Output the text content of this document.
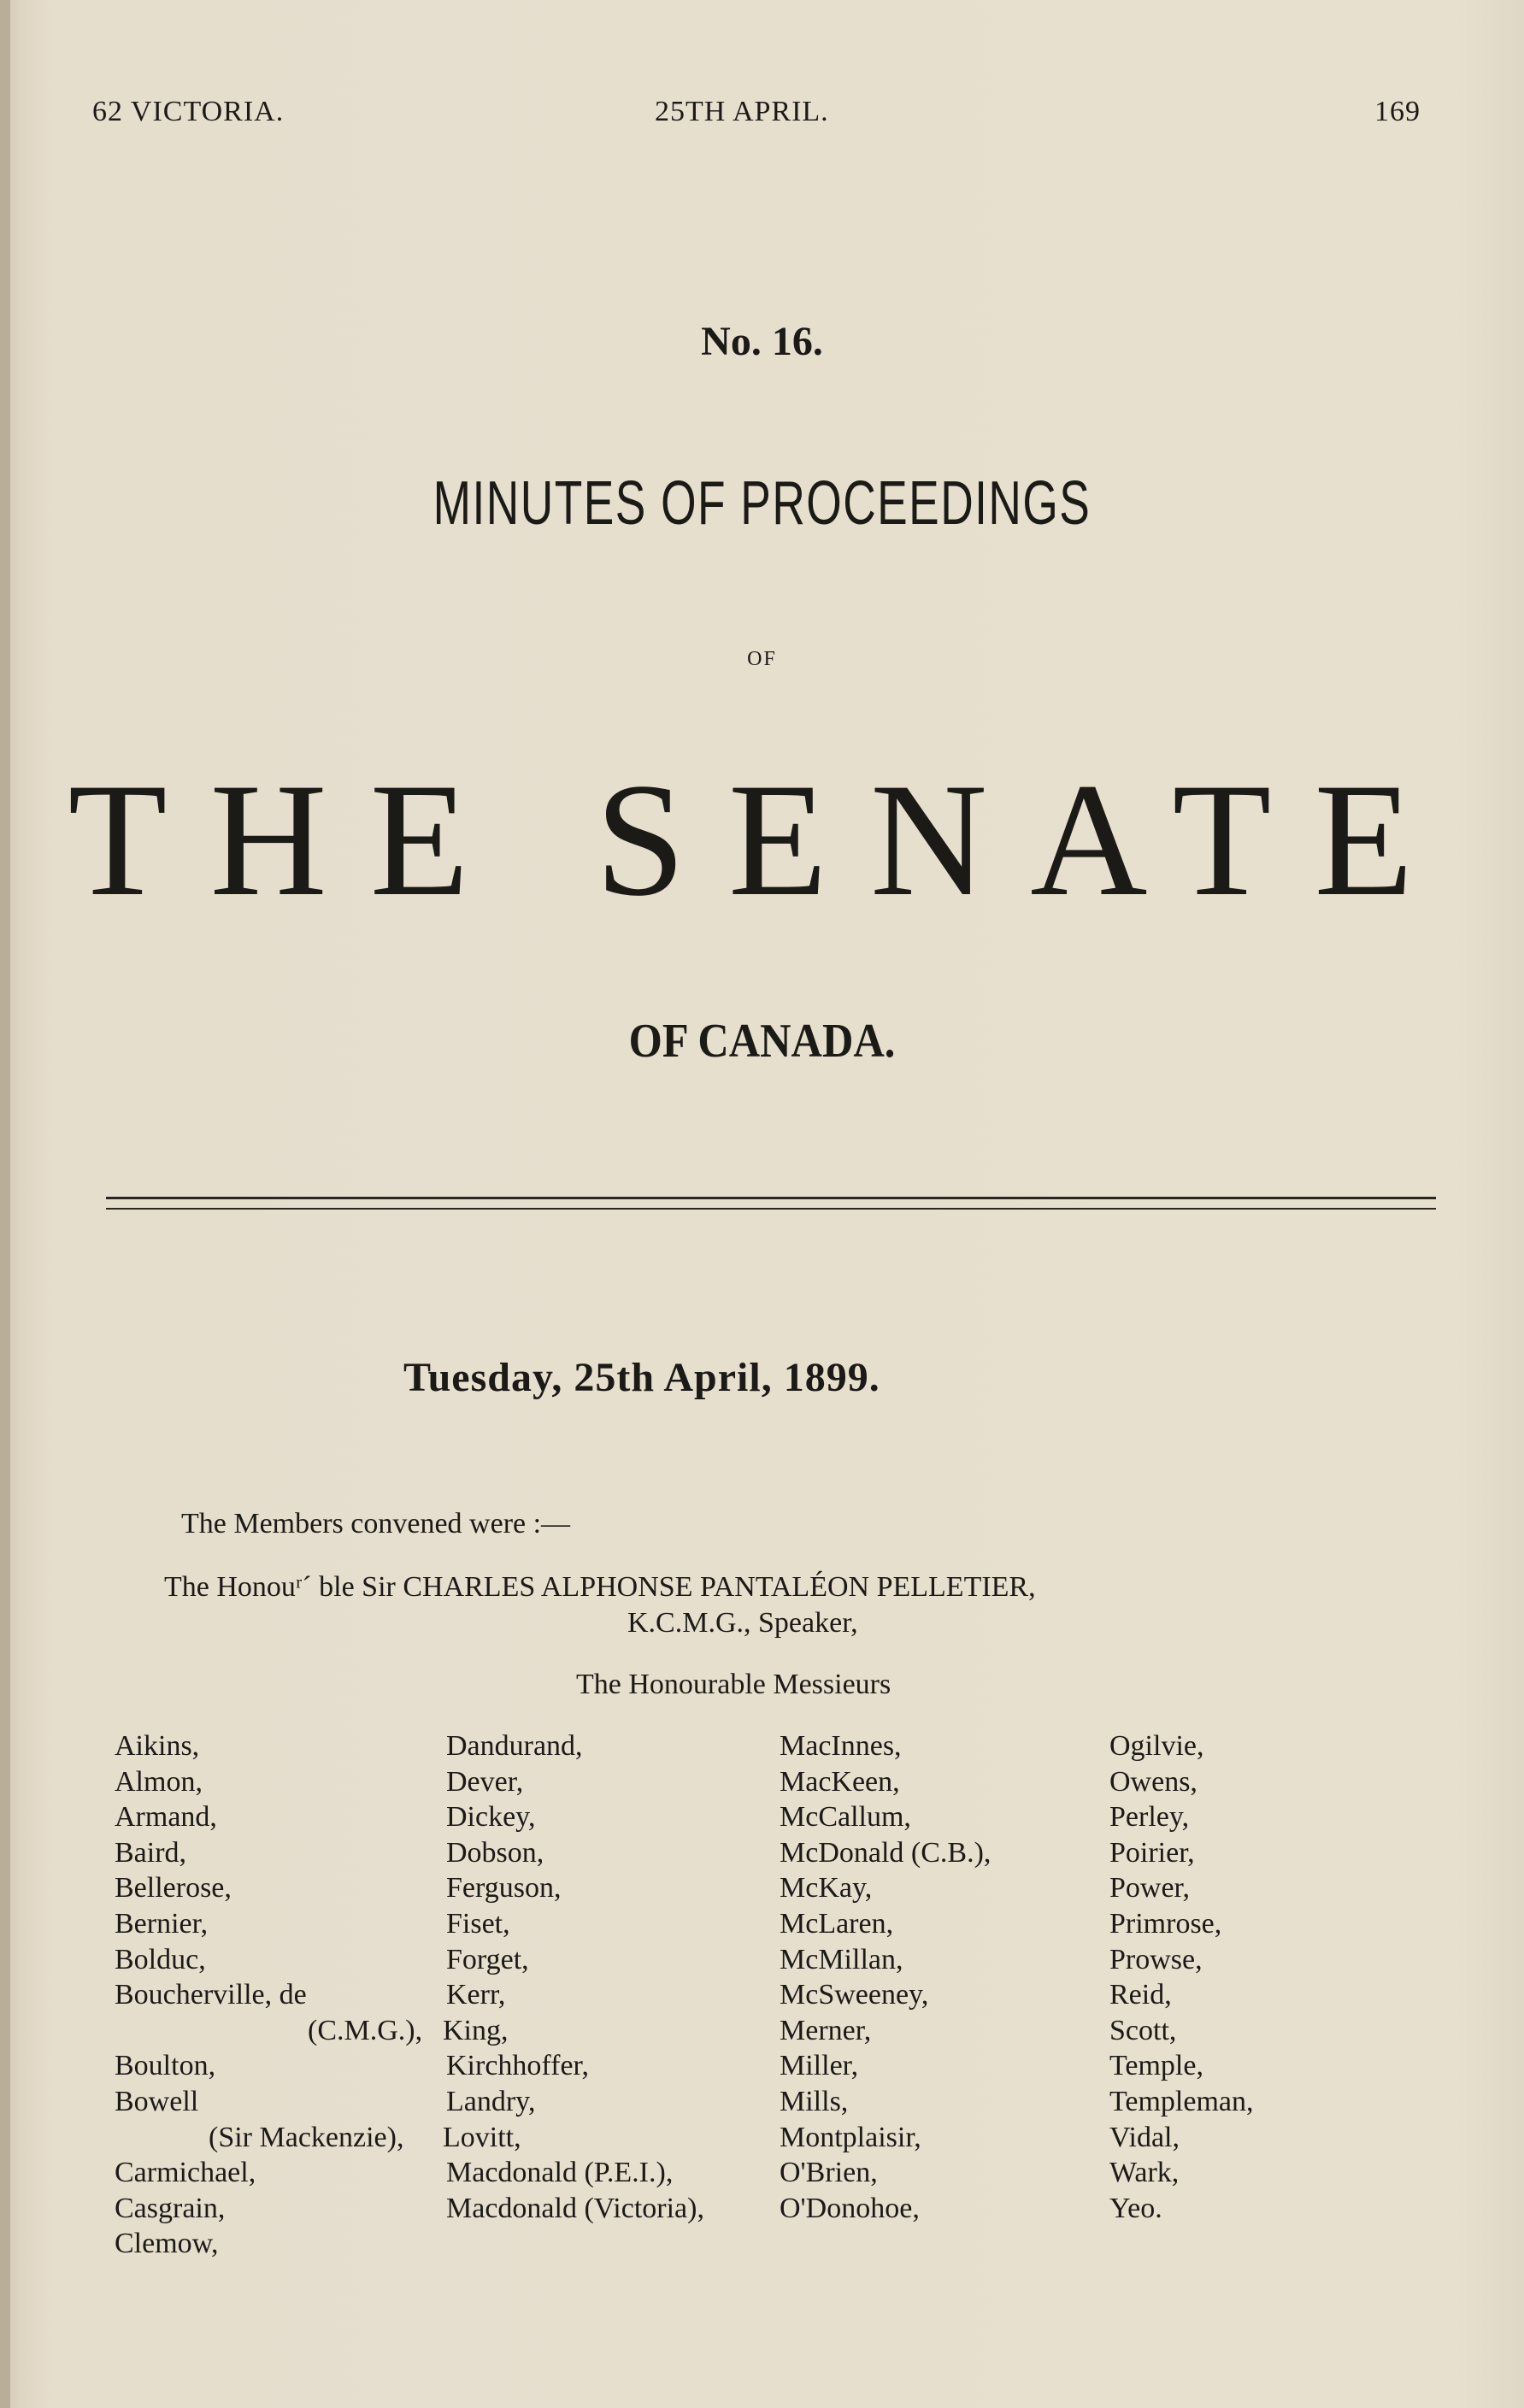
62 VICTORIA.	25TH APRIL.	169
No. 16.
MINUTES OF PROCEEDINGS
OF
THE SENATE
OF CANADA.
Tuesday, 25th April, 1899.
The Members convened were :—
The Honouʳˊ ble Sir CHARLES ALPHONSE PANTALÉON PELLETIER,
K.C.M.G., Speaker,
The Honourable Messieurs
Aikins,
Almon,
Armand,
Baird,
Bellerose,
Bernier,
Bolduc,
Boucherville, de
(C.M.G.),
Boulton,
Bowell
(Sir Mackenzie),
Carmichael,
Casgrain,
Clemow,
Dandurand,
Dever,
Dickey,
Dobson,
Ferguson,
Fiset,
Forget,
Kerr,
King,
Kirchhoffer,
Landry,
Lovitt,
Macdonald (P.E.I.),
Macdonald (Victoria),
MacInnes,
MacKeen,
McCallum,
McDonald (C.B.),
McKay,
McLaren,
McMillan,
McSweeney,
Merner,
Miller,
Mills,
Montplaisir,
O'Brien,
O'Donohoe,
Ogilvie,
Owens,
Perley,
Poirier,
Power,
Primrose,
Prowse,
Reid,
Scott,
Temple,
Templeman,
Vidal,
Wark,
Yeo.
